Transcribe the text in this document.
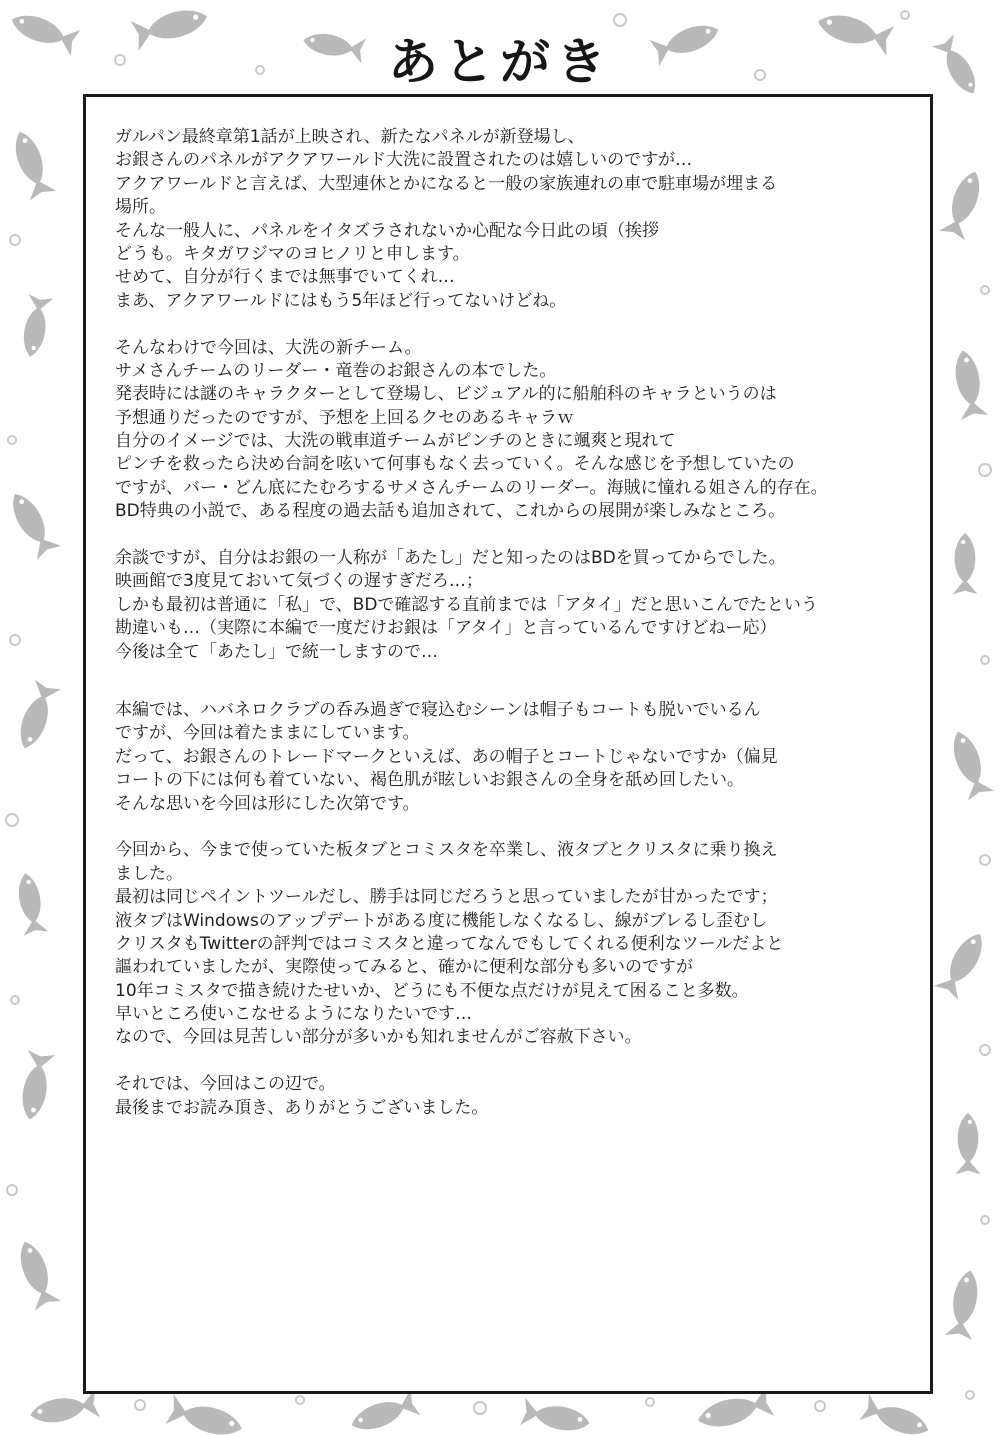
あとがき
ガルパン最終章第1話が上映され、新たなパネルが新登場し、
お銀さんのパネルがアクアワールド大洗に設置されたのは嬉しいのですが…
アクアワールドと言えば、大型連休とかになると一般の家族連れの車で駐車場が埋まる
場所。
そんな一般人に、パネルをイタズラされないか心配な今日此の頃（挨拶
どうも。キタガワジマのヨヒノリと申します。
せめて、自分が行くまでは無事でいてくれ…
まあ、アクアワールドにはもう5年ほど行ってないけどね。
そんなわけで今回は、大洗の新チーム。
サメさんチームのリーダー・竜巻のお銀さんの本でした。
発表時には謎のキャラクターとして登場し、ビジュアル的に船舶科のキャラというのは
予想通りだったのですが、予想を上回るクセのあるキャラｗ
自分のイメージでは、大洗の戦車道チームがピンチのときに颯爽と現れて
ピンチを救ったら決め台詞を呟いて何事もなく去っていく。そんな感じを予想していたの
ですが、バー・どん底にたむろするサメさんチームのリーダー。海賊に憧れる姐さん的存在。
BD特典の小説で、ある程度の過去話も追加されて、これからの展開が楽しみなところ。
余談ですが、自分はお銀の一人称が「あたし」だと知ったのはBDを買ってからでした。
映画館で3度見ておいて気づくの遅すぎだろ…；
しかも最初は普通に「私」で、BDで確認する直前までは「アタイ」だと思いこんでたという
勘違いも…（実際に本編で一度だけお銀は「アタイ」と言っているんですけどねー応）
今後は全て「あたし」で統一しますので…
本編では、ハバネロクラブの呑み過ぎで寝込むシーンは帽子もコートも脱いでいるん
ですが、今回は着たままにしています。
だって、お銀さんのトレードマークといえば、あの帽子とコートじゃないですか（偏見
コートの下には何も着ていない、褐色肌が眩しいお銀さんの全身を舐め回したい。
そんな思いを今回は形にした次第です。
今回から、今まで使っていた板タブとコミスタを卒業し、液タブとクリスタに乗り換え
ました。
最初は同じペイントツールだし、勝手は同じだろうと思っていましたが甘かったです；
液タブはWindowsのアップデートがある度に機能しなくなるし、線がブレるし歪むし
クリスタもTwitterの評判ではコミスタと違ってなんでもしてくれる便利なツールだよと
謳われていましたが、実際使ってみると、確かに便利な部分も多いのですが
10年コミスタで描き続けたせいか、どうにも不便な点だけが見えて困ること多数。
早いところ使いこなせるようになりたいです…
なので、今回は見苦しい部分が多いかも知れませんがご容赦下さい。
それでは、今回はこの辺で。
最後までお読み頂き、ありがとうございました。
